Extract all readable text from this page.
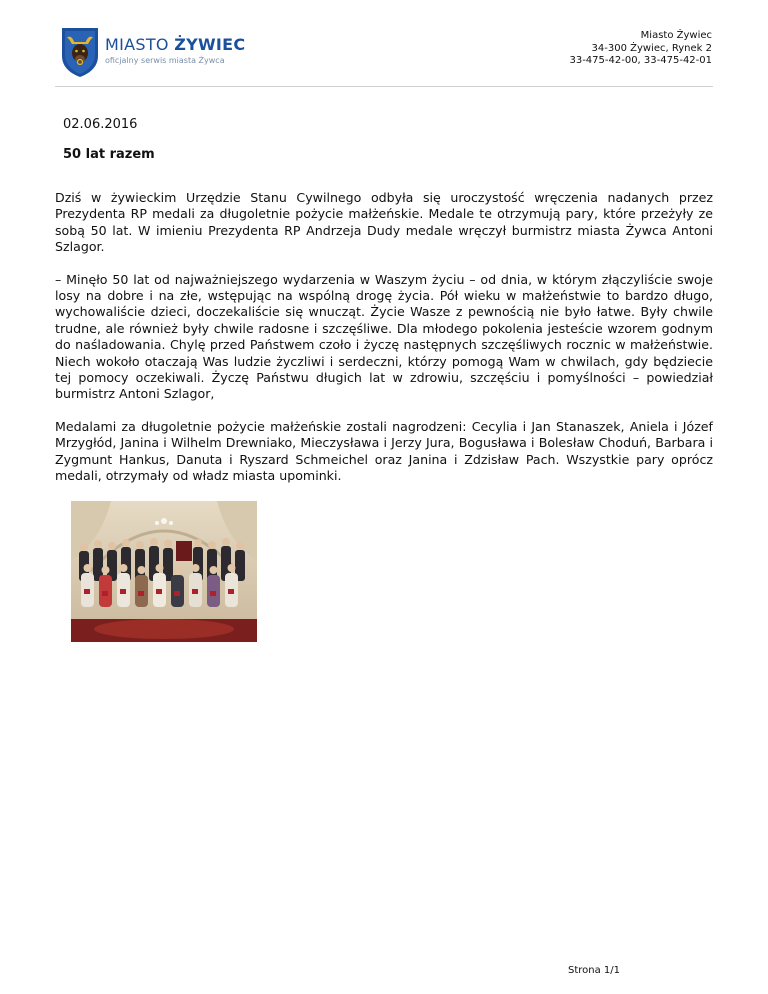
MIASTO ŻYWIEC
oficjalny serwis miasta Żywca
Miasto Żywiec
34-300 Żywiec, Rynek 2
33-475-42-00, 33-475-42-01
02.06.2016
50 lat razem

Dziś w żywieckim Urzędzie Stanu Cywilnego odbyła się uroczystość wręczenia nadanych przez Prezydenta RP medali za długoletnie pożycie małżeńskie. Medale te otrzymują pary, które przeżyły ze sobą 50 lat. W imieniu Prezydenta RP Andrzeja Dudy medale wręczył burmistrz miasta Żywca Antoni Szlagor.

– Minęło 50 lat od najważniejszego wydarzenia w Waszym życiu – od dnia, w którym złączyliście swoje losy na dobre i na złe, wstępując na wspólną drogę życia. Pół wieku w małżeństwie to bardzo długo, wychowaliście dzieci, doczekaliście się wnucząt. Życie Wasze z pewnością nie było łatwe. Były chwile trudne, ale również były chwile radosne i szczęśliwe. Dla młodego pokolenia jesteście wzorem godnym do naśladowania. Chylę przed Państwem czoło i życzę następnych szczęśliwych rocznic w małżeństwie. Niech wokoło otaczają Was ludzie życzliwi i serdeczni, którzy pomogą Wam w chwilach, gdy będziecie tej pomocy oczekiwali. Życzę Państwu długich lat w zdrowiu, szczęściu i pomyślności – powiedział burmistrz Antoni Szlagor,

Medalami za długoletnie pożycie małżeńskie zostali nagrodzeni: Cecylia i Jan Stanaszek, Aniela i Józef Mrzygłód, Janina i Wilhelm Drewniako, Mieczysława i Jerzy Jura, Bogusława i Bolesław Choduń, Barbara i Zygmunt Hankus, Danuta i Ryszard Schmeichel oraz Janina i Zdzisław Pach. Wszystkie pary oprócz medali, otrzymały od władz miasta upominki.

Strona 1/1
